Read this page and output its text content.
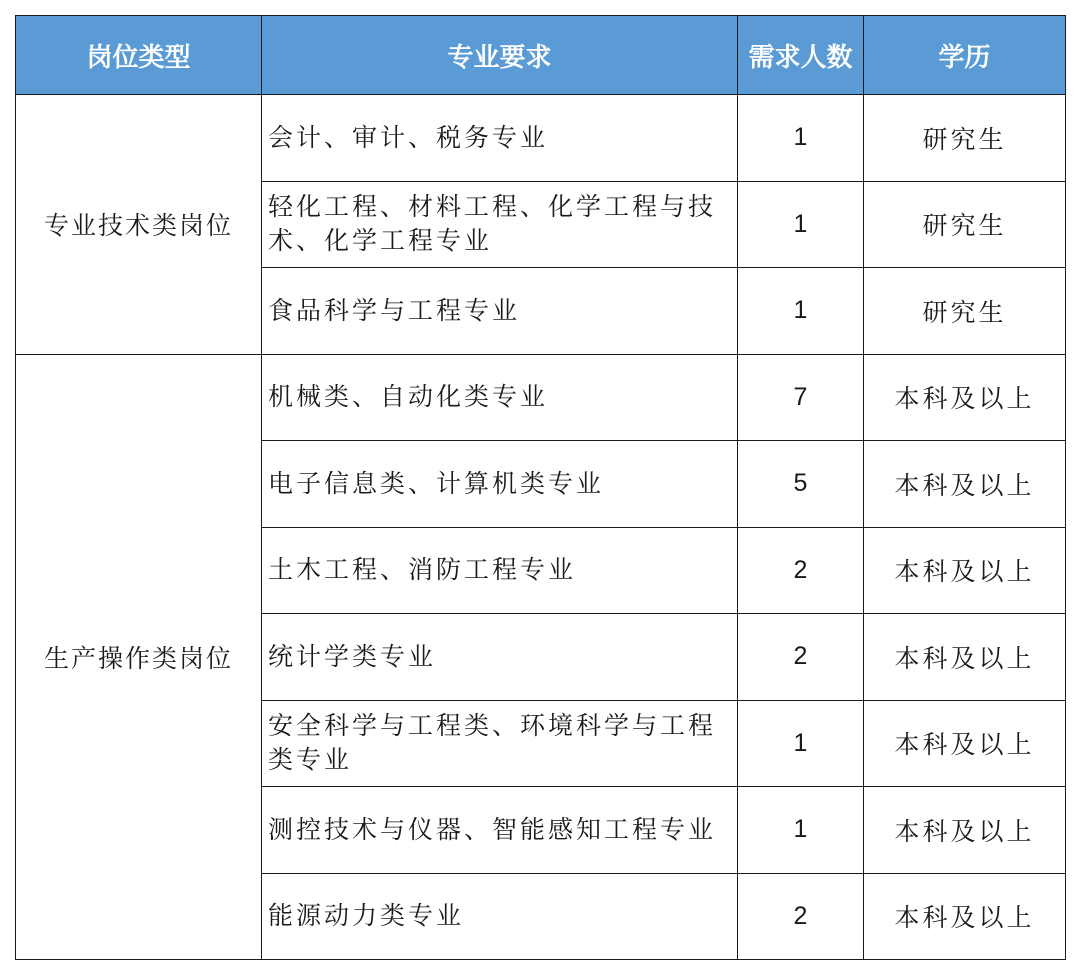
岗位类型	专业要求	需求人数	学历
专业技术类岗位	会计、审计、税务专业	1	研究生
	轻化工程、材料工程、化学工程与技术、化学工程专业	1	研究生
	食品科学与工程专业	1	研究生
生产操作类岗位	机械类、自动化类专业	7	本科及以上
	电子信息类、计算机类专业	5	本科及以上
	土木工程、消防工程专业	2	本科及以上
	统计学类专业	2	本科及以上
	安全科学与工程类、环境科学与工程类专业	1	本科及以上
	测控技术与仪器、智能感知工程专业	1	本科及以上
	能源动力类专业	2	本科及以上
